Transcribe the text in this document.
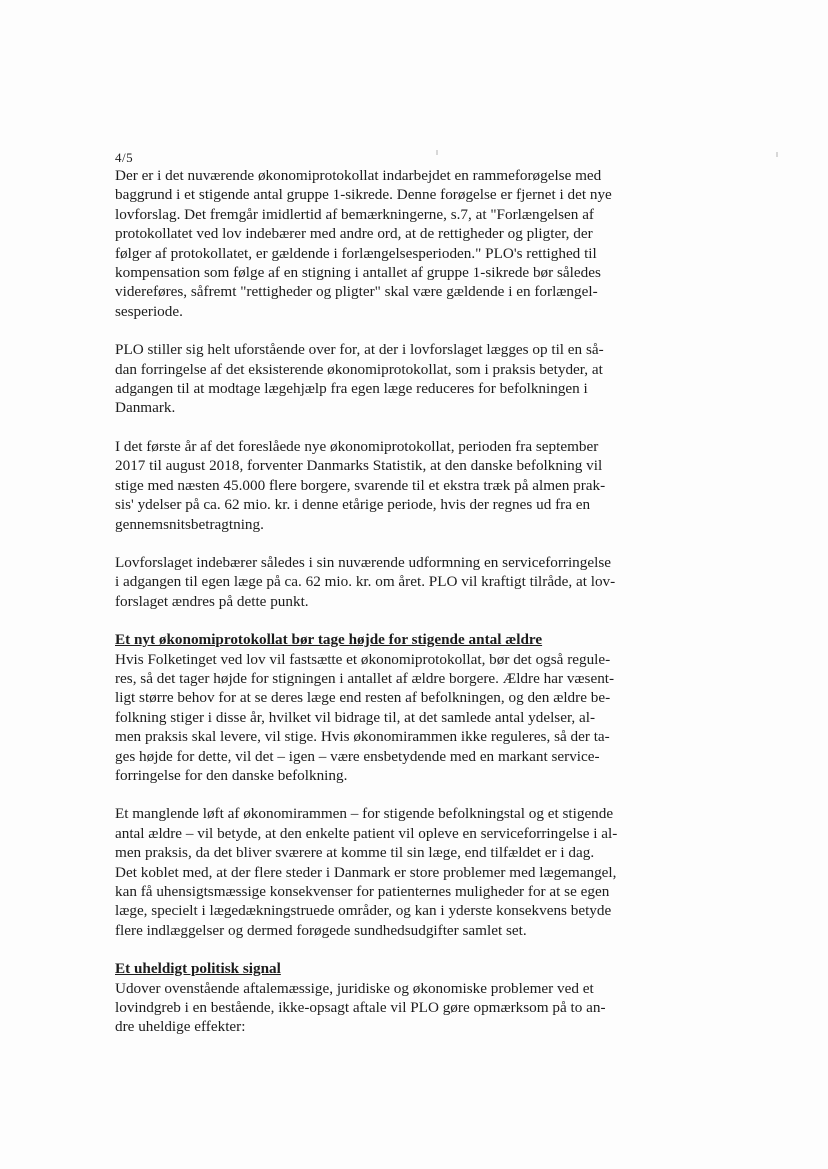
4/5

Der er i det nuværende økonomiprotokollat indarbejdet en rammeforøgelse med
baggrund i et stigende antal gruppe 1-sikrede. Denne forøgelse er fjernet i det nye
lovforslag. Det fremgår imidlertid af bemærkningerne, s.7, at "Forlængelsen af
protokollatet ved lov indebærer med andre ord, at de rettigheder og pligter, der
følger af protokollatet, er gældende i forlængelsesperioden." PLO's rettighed til
kompensation som følge af en stigning i antallet af gruppe 1-sikrede bør således
videreføres, såfremt "rettigheder og pligter" skal være gældende i en forlængel-
sesperiode.

PLO stiller sig helt uforstående over for, at der i lovforslaget lægges op til en så-
dan forringelse af det eksisterende økonomiprotokollat, som i praksis betyder, at
adgangen til at modtage lægehjælp fra egen læge reduceres for befolkningen i
Danmark.

I det første år af det foreslåede nye økonomiprotokollat, perioden fra september
2017 til august 2018, forventer Danmarks Statistik, at den danske befolkning vil
stige med næsten 45.000 flere borgere, svarende til et ekstra træk på almen prak-
sis' ydelser på ca. 62 mio. kr. i denne etårige periode, hvis der regnes ud fra en
gennemsnitsbetragtning.

Lovforslaget indebærer således i sin nuværende udformning en serviceforringelse
i adgangen til egen læge på ca. 62 mio. kr. om året. PLO vil kraftigt tilråde, at lov-
forslaget ændres på dette punkt.

Et nyt økonomiprotokollat bør tage højde for stigende antal ældre

Hvis Folketinget ved lov vil fastsætte et økonomiprotokollat, bør det også regule-
res, så det tager højde for stigningen i antallet af ældre borgere. Ældre har væsent-
ligt større behov for at se deres læge end resten af befolkningen, og den ældre be-
folkning stiger i disse år, hvilket vil bidrage til, at det samlede antal ydelser, al-
men praksis skal levere, vil stige. Hvis økonomirammen ikke reguleres, så der ta-
ges højde for dette, vil det – igen – være ensbetydende med en markant service-
forringelse for den danske befolkning.

Et manglende løft af økonomirammen – for stigende befolkningstal og et stigende
antal ældre – vil betyde, at den enkelte patient vil opleve en serviceforringelse i al-
men praksis, da det bliver sværere at komme til sin læge, end tilfældet er i dag.
Det koblet med, at der flere steder i Danmark er store problemer med lægemangel,
kan få uhensigtsmæssige konsekvenser for patienternes muligheder for at se egen
læge, specielt i lægedækningstruede områder, og kan i yderste konsekvens betyde
flere indlæggelser og dermed forøgede sundhedsudgifter samlet set.

Et uheldigt politisk signal

Udover ovenstående aftalemæssige, juridiske og økonomiske problemer ved et
lovindgreb i en bestående, ikke-opsagt aftale vil PLO gøre opmærksom på to an-
dre uheldige effekter:
